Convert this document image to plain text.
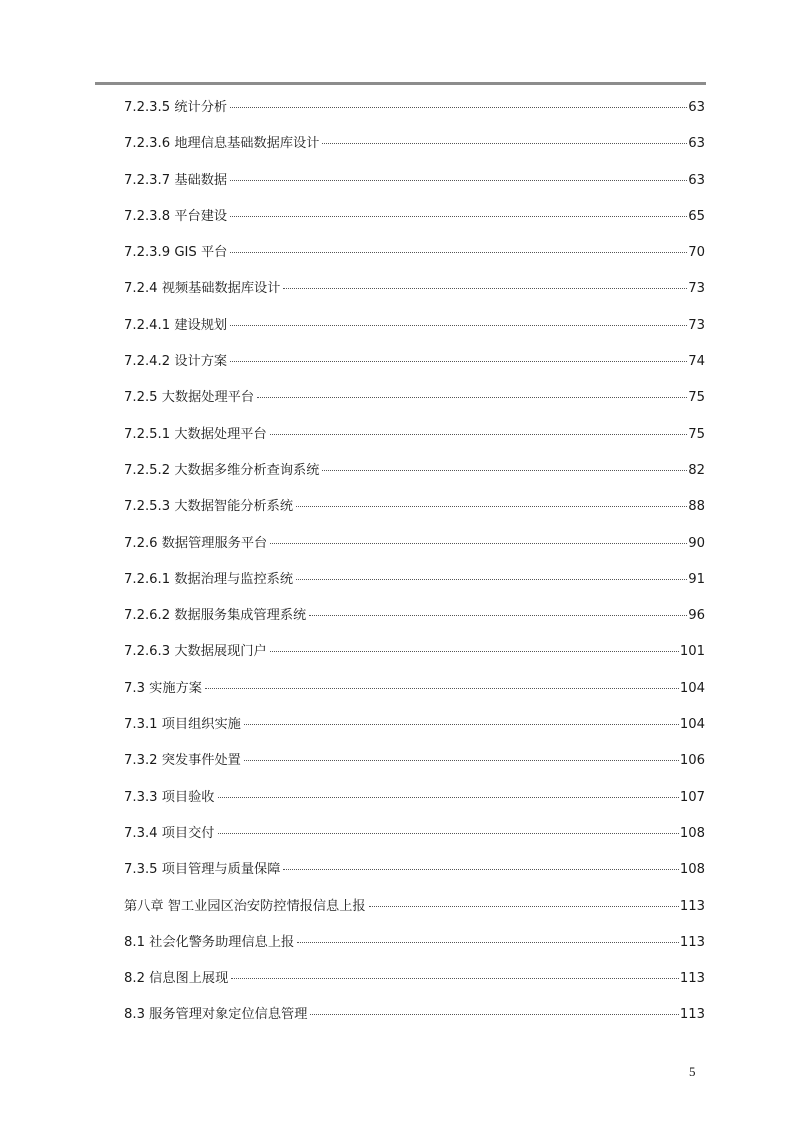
7.2.3.5 统计分析	63
7.2.3.6 地理信息基础数据库设计	63
7.2.3.7 基础数据	63
7.2.3.8 平台建设	65
7.2.3.9 GIS 平台	70
7.2.4 视频基础数据库设计	73
7.2.4.1 建设规划	73
7.2.4.2 设计方案	74
7.2.5 大数据处理平台	75
7.2.5.1 大数据处理平台	75
7.2.5.2 大数据多维分析查询系统	82
7.2.5.3 大数据智能分析系统	88
7.2.6 数据管理服务平台	90
7.2.6.1 数据治理与监控系统	91
7.2.6.2 数据服务集成管理系统	96
7.2.6.3 大数据展现门户	101
7.3 实施方案	104
7.3.1 项目组织实施	104
7.3.2 突发事件处置	106
7.3.3 项目验收	107
7.3.4 项目交付	108
7.3.5 项目管理与质量保障	108
第八章 智工业园区治安防控情报信息上报	113
8.1 社会化警务助理信息上报	113
8.2 信息图上展现	113
8.3 服务管理对象定位信息管理	113
5
